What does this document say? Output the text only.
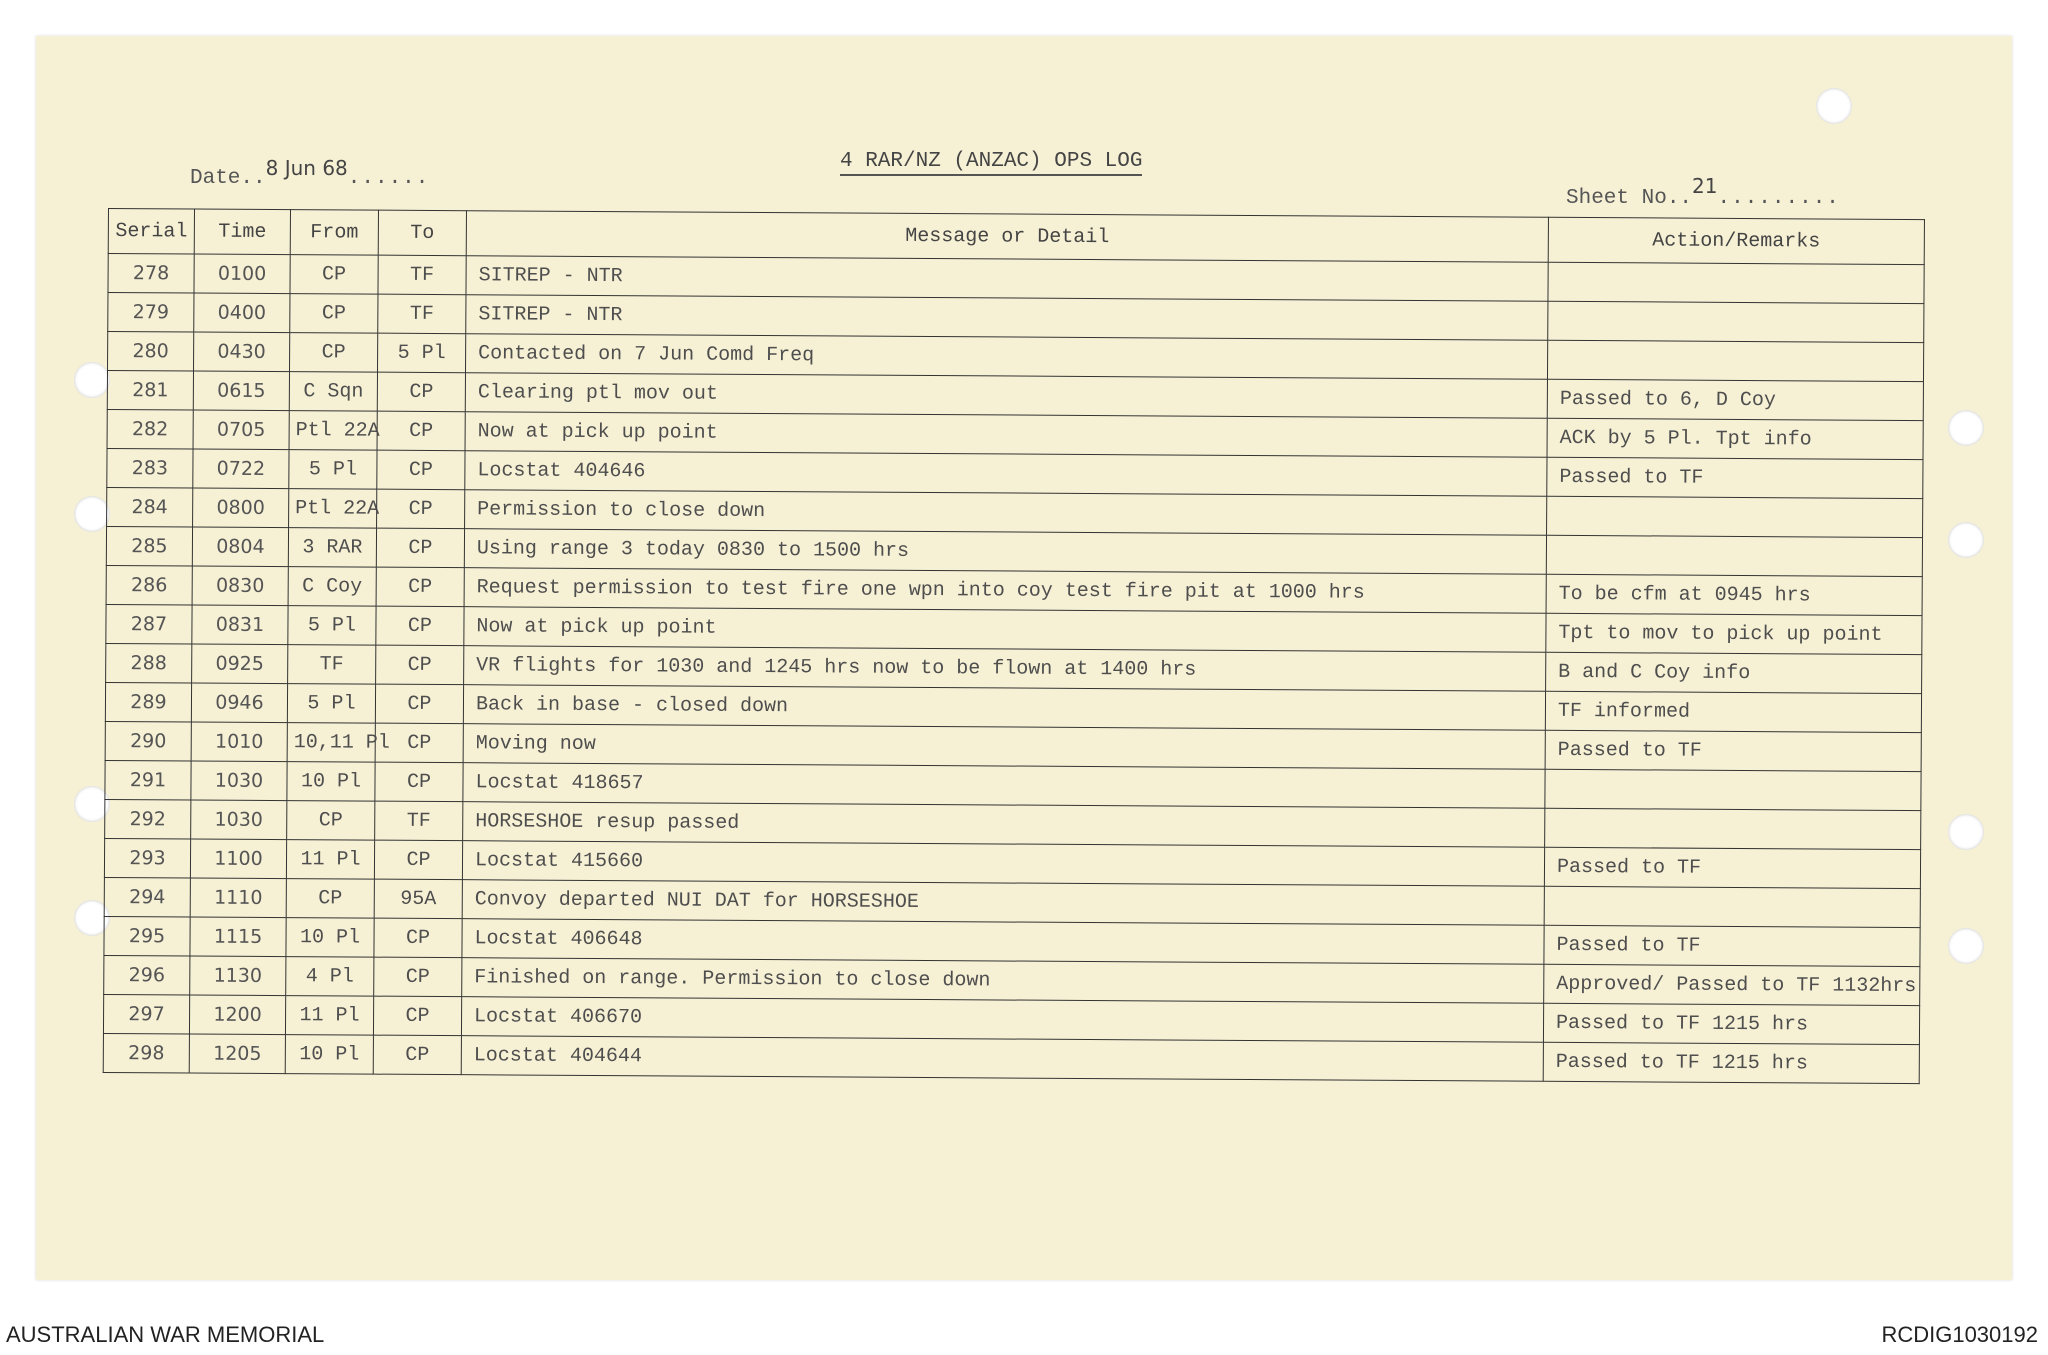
Date..8 Jun 68......
4 RAR/NZ (ANZAC) OPS LOG
Sheet No..21.........
Serial	Time	From	To	Message or Detail	Action/Remarks
278	0100	CP	TF	SITREP - NTR	
279	0400	CP	TF	SITREP - NTR	
280	0430	CP	5 Pl	Contacted on 7 Jun Comd Freq	
281	0615	C Sqn	CP	Clearing ptl mov out	Passed to 6, D Coy
282	0705	Ptl 22A	CP	Now at pick up point	ACK by 5 Pl. Tpt info
283	0722	5 Pl	CP	Locstat 404646	Passed to TF
284	0800	Ptl 22A	CP	Permission to close down	
285	0804	3 RAR	CP	Using range 3 today 0830 to 1500 hrs	
286	0830	C Coy	CP	Request permission to test fire one wpn into coy test fire pit at 1000 hrs	To be cfm at 0945 hrs
287	0831	5 Pl	CP	Now at pick up point	Tpt to mov to pick up point
288	0925	TF	CP	VR flights for 1030 and 1245 hrs now to be flown at 1400 hrs	B and C Coy info
289	0946	5 Pl	CP	Back in base - closed down	TF informed
290	1010	10,11 Pl	CP	Moving now	Passed to TF
291	1030	10 Pl	CP	Locstat 418657	
292	1030	CP	TF	HORSESHOE resup passed	
293	1100	11 Pl	CP	Locstat 415660	Passed to TF
294	1110	CP	95A	Convoy departed NUI DAT for HORSESHOE	
295	1115	10 Pl	CP	Locstat 406648	Passed to TF
296	1130	4 Pl	CP	Finished on range. Permission to close down	Approved/ Passed to TF 1132hrs
297	1200	11 Pl	CP	Locstat 406670	Passed to TF 1215 hrs
298	1205	10 Pl	CP	Locstat 404644	Passed to TF 1215 hrs
AUSTRALIAN WAR MEMORIAL	RCDIG1030192
